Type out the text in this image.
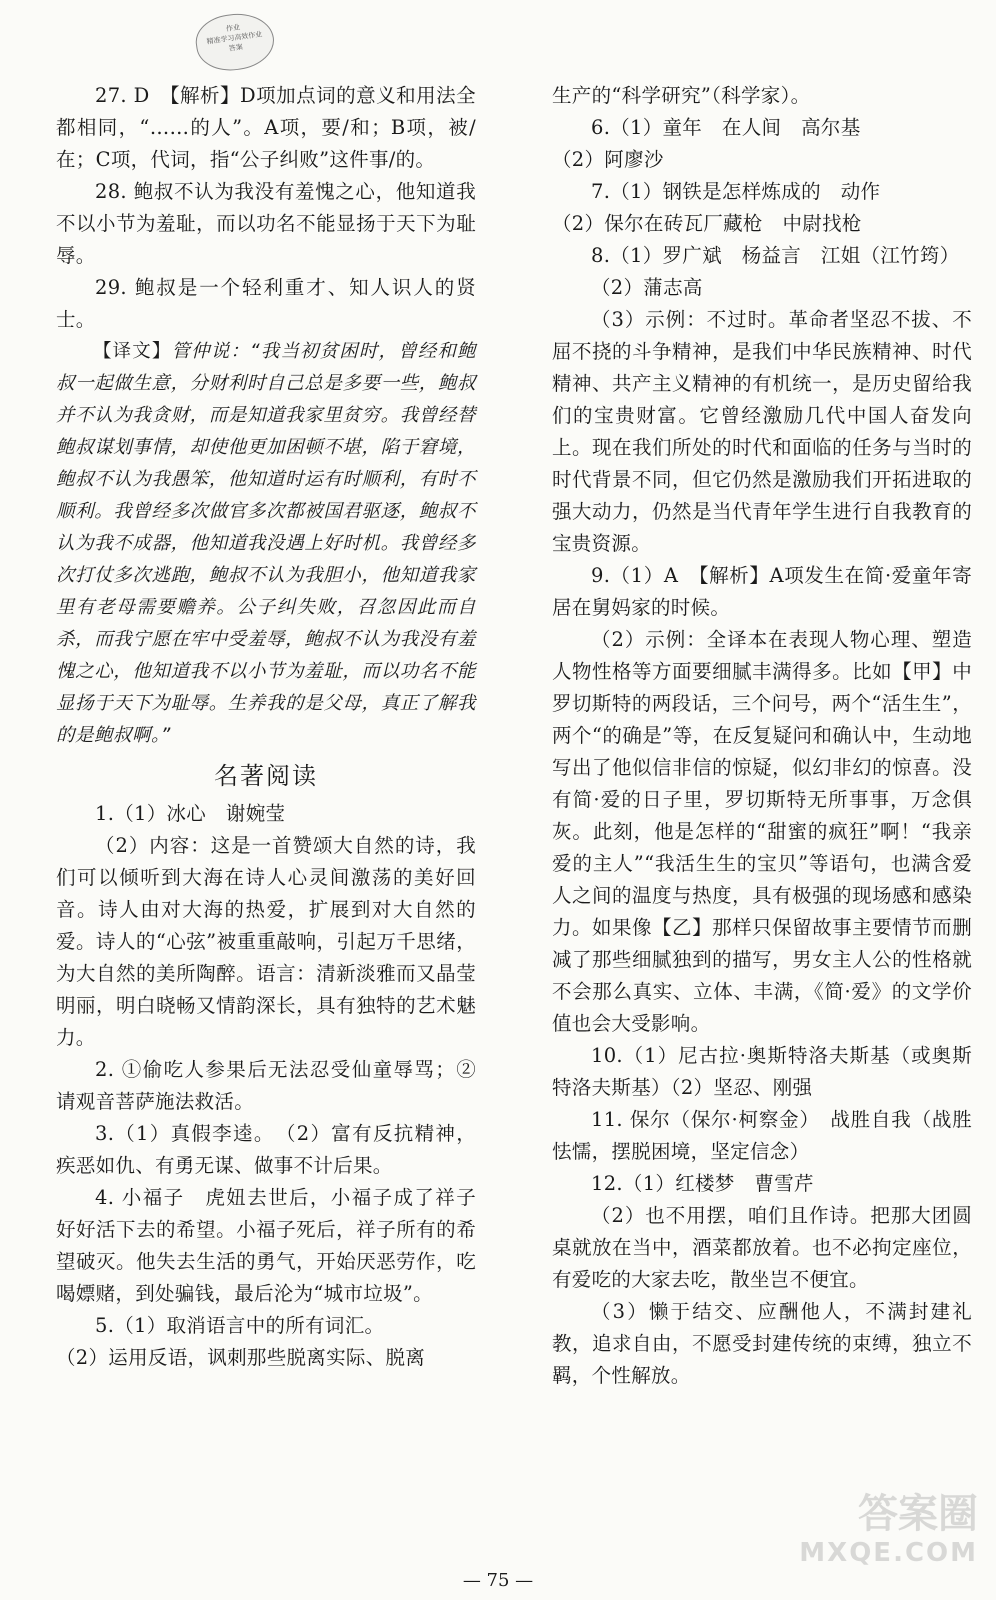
作业
精准学习高效作业
答案

27. D　【解析】D项加点词的意义和用法全都相同，“……的人”。A项，要/和；B项，被/在；C项，代词，指“公子纠败”这件事/的。

28. 鲍叔不认为我没有羞愧之心，他知道我不以小节为羞耻，而以功名不能显扬于天下为耻辱。

29. 鲍叔是一个轻利重才、知人识人的贤士。

【译文】管仲说：“我当初贫困时，曾经和鲍叔一起做生意，分财利时自己总是多要一些，鲍叔并不认为我贪财，而是知道我家里贫穷。我曾经替鲍叔谋划事情，却使他更加困顿不堪，陷于窘境，鲍叔不认为我愚笨，他知道时运有时顺利，有时不顺利。我曾经多次做官多次都被国君驱逐，鲍叔不认为我不成器，他知道我没遇上好时机。我曾经多次打仗多次逃跑，鲍叔不认为我胆小，他知道我家里有老母需要赡养。公子纠失败，召忽因此而自杀，而我宁愿在牢中受羞辱，鲍叔不认为我没有羞愧之心，他知道我不以小节为羞耻，而以功名不能显扬于天下为耻辱。生养我的是父母，真正了解我的是鲍叔啊。”

名著阅读

1.（1）冰心　谢婉莹

（2）内容：这是一首赞颂大自然的诗，我们可以倾听到大海在诗人心灵间激荡的美好回音。诗人由对大海的热爱，扩展到对大自然的爱。诗人的“心弦”被重重敲响，引起万千思绪，为大自然的美所陶醉。语言：清新淡雅而又晶莹明丽，明白晓畅又情韵深长，具有独特的艺术魅力。

2. ①偷吃人参果后无法忍受仙童辱骂；②请观音菩萨施法救活。

3.（1）真假李逵。　（2）富有反抗精神，疾恶如仇、有勇无谋、做事不计后果。

4. 小福子　虎妞去世后，小福子成了祥子好好活下去的希望。小福子死后，祥子所有的希望破灭。他失去生活的勇气，开始厌恶劳作，吃喝嫖赌，到处骗钱，最后沦为“城市垃圾”。

5.（1）取消语言中的所有词汇。

（2）运用反语，讽刺那些脱离实际、脱离

生产的“科学研究”（科学家）。

6.（1）童年　在人间　高尔基

（2）阿廖沙

7.（1）钢铁是怎样炼成的　动作

（2）保尔在砖瓦厂藏枪　中尉找枪

8.（1）罗广斌　杨益言　江姐（江竹筠）

（2）蒲志高

（3）示例：不过时。革命者坚忍不拔、不屈不挠的斗争精神，是我们中华民族精神、时代精神、共产主义精神的有机统一，是历史留给我们的宝贵财富。它曾经激励几代中国人奋发向上。现在我们所处的时代和面临的任务与当时的时代背景不同，但它仍然是激励我们开拓进取的强大动力，仍然是当代青年学生进行自我教育的宝贵资源。

9.（1）A　【解析】A项发生在简·爱童年寄居在舅妈家的时候。

（2）示例：全译本在表现人物心理、塑造人物性格等方面要细腻丰满得多。比如【甲】中罗切斯特的两段话，三个问号，两个“活生生”，两个“的确是”等，在反复疑问和确认中，生动地写出了他似信非信的惊疑，似幻非幻的惊喜。没有简·爱的日子里，罗切斯特无所事事，万念俱灰。此刻，他是怎样的“甜蜜的疯狂”啊！“我亲爱的主人”“我活生生的宝贝”等语句，也满含爱人之间的温度与热度，具有极强的现场感和感染力。如果像【乙】那样只保留故事主要情节而删减了那些细腻独到的描写，男女主人公的性格就不会那么真实、立体、丰满，《简·爱》的文学价值也会大受影响。

10.（1）尼古拉·奥斯特洛夫斯基（或奥斯特洛夫斯基）（2）坚忍、刚强

11. 保尔（保尔·柯察金）　战胜自我（战胜怯懦，摆脱困境，坚定信念）

12.（1）红楼梦　曹雪芹

（2）也不用摆，咱们且作诗。把那大团圆桌就放在当中，酒菜都放着。也不必拘定座位，有爱吃的大家去吃，散坐岂不便宜。

（3）懒于结交、应酬他人，不满封建礼教，追求自由，不愿受封建传统的束缚，独立不羁，个性解放。

— 75 —
答案圈
MXQE.COM
